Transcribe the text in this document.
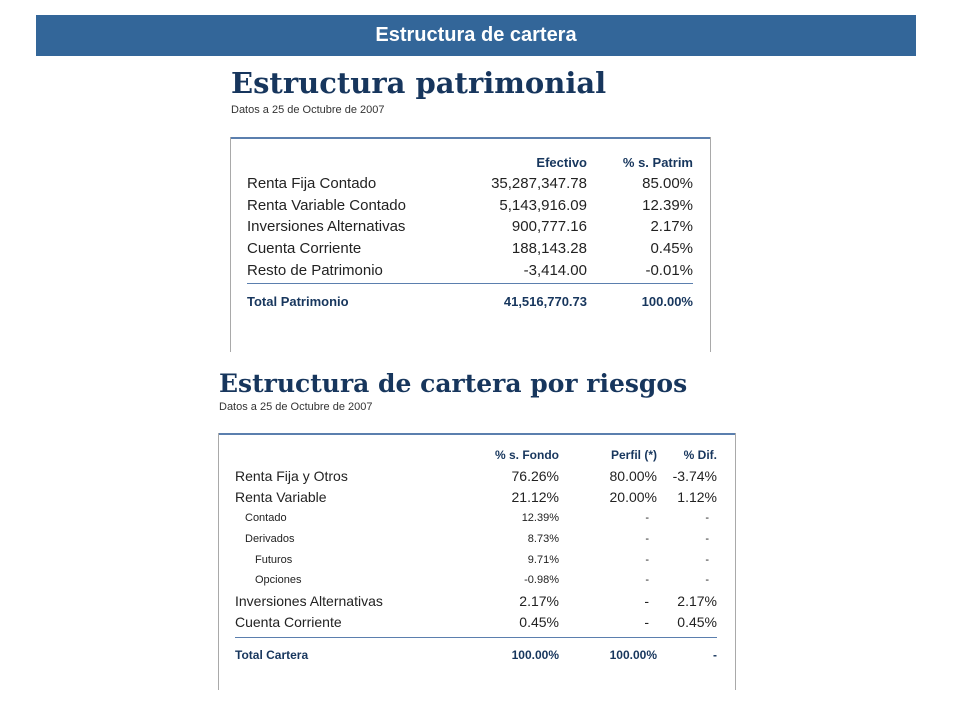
Estructura de cartera
Estructura patrimonial
Datos a 25 de Octubre de 2007
	Efectivo	% s. Patrim
Renta Fija Contado	35,287,347.78	85.00%
Renta Variable Contado	5,143,916.09	12.39%
Inversiones Alternativas	900,777.16	2.17%
Cuenta Corriente	188,143.28	0.45%
Resto de Patrimonio	-3,414.00	-0.01%
Total Patrimonio	41,516,770.73	100.00%
Estructura de cartera por riesgos
Datos a 25 de Octubre de 2007
	% s. Fondo	Perfil (*)	% Dif.
Renta Fija y Otros	76.26%	80.00%	-3.74%
Renta Variable	21.12%	20.00%	1.12%
Contado	12.39%	-	-
Derivados	8.73%	-	-
Futuros	9.71%	-	-
Opciones	-0.98%	-	-
Inversiones Alternativas	2.17%	-	2.17%
Cuenta Corriente	0.45%	-	0.45%
Total Cartera	100.00%	100.00%	-
